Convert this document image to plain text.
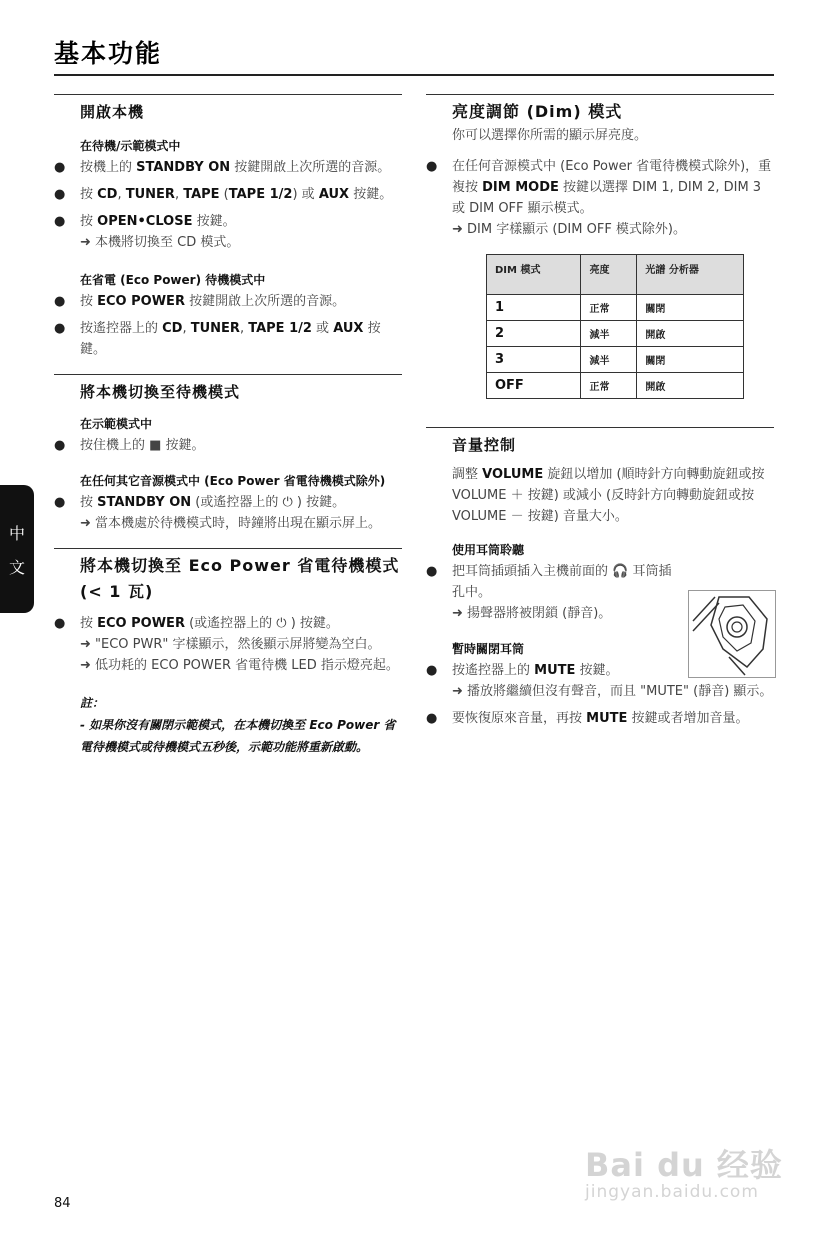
基本功能
中
文
開啟本機
在待機/示範模式中
● 按機上的 STANDBY ON 按鍵開啟上次所選的音源。
● 按 CD, TUNER, TAPE (TAPE 1/2) 或 AUX 按鍵。
● 按 OPEN•CLOSE 按鍵。
➜ 本機將切換至 CD 模式。
在省電 (Eco Power) 待機模式中
● 按 ECO POWER 按鍵開啟上次所選的音源。
● 按遙控器上的 CD, TUNER, TAPE 1/2 或 AUX 按鍵。
將本機切換至待機模式
在示範模式中
● 按住機上的 ■ 按鍵。
在任何其它音源模式中 (Eco Power 省電待機模式除外)
● 按 STANDBY ON (或遙控器上的 ⏻ ) 按鍵。
➜ 當本機處於待機模式時，時鐘將出現在顯示屏上。
將本機切換至 Eco Power 省電待機模式 (< 1 瓦)
● 按 ECO POWER (或遙控器上的 ⏻ ) 按鍵。
➜ "ECO PWR" 字樣顯示，然後顯示屏將變為空白。
➜ 低功耗的 ECO POWER 省電待機 LED 指示燈亮起。
註：
- 如果你沒有關閉示範模式，在本機切換至 Eco Power 省電待機模式或待機模式五秒後，示範功能將重新啟動。
亮度調節 (Dim) 模式
你可以選擇你所需的顯示屏亮度。
● 在任何音源模式中 (Eco Power 省電待機模式除外)，重複按 DIM MODE 按鍵以選擇 DIM 1, DIM 2, DIM 3 或 DIM OFF 顯示模式。
➜ DIM 字樣顯示 (DIM OFF 模式除外)。
DIM 模式	亮度	光譜 分析器
1	正常	關閉
2	減半	開啟
3	減半	關閉
OFF	正常	開啟
音量控制
調整 VOLUME 旋鈕以增加 (順時針方向轉動旋鈕或按 VOLUME ＋ 按鍵) 或減小 (反時針方向轉動旋鈕或按 VOLUME － 按鍵) 音量大小。
使用耳筒聆聽
● 把耳筒插頭插入主機前面的 🎧 耳筒插孔中。
➜ 揚聲器將被閉鎖 (靜音)。
暫時關閉耳筒
● 按遙控器上的 MUTE 按鍵。
➜ 播放將繼續但沒有聲音，而且 "MUTE" (靜音) 顯示。
● 要恢復原來音量，再按 MUTE 按鍵或者增加音量。
84
Bai du 经验
jingyan.baidu.com
